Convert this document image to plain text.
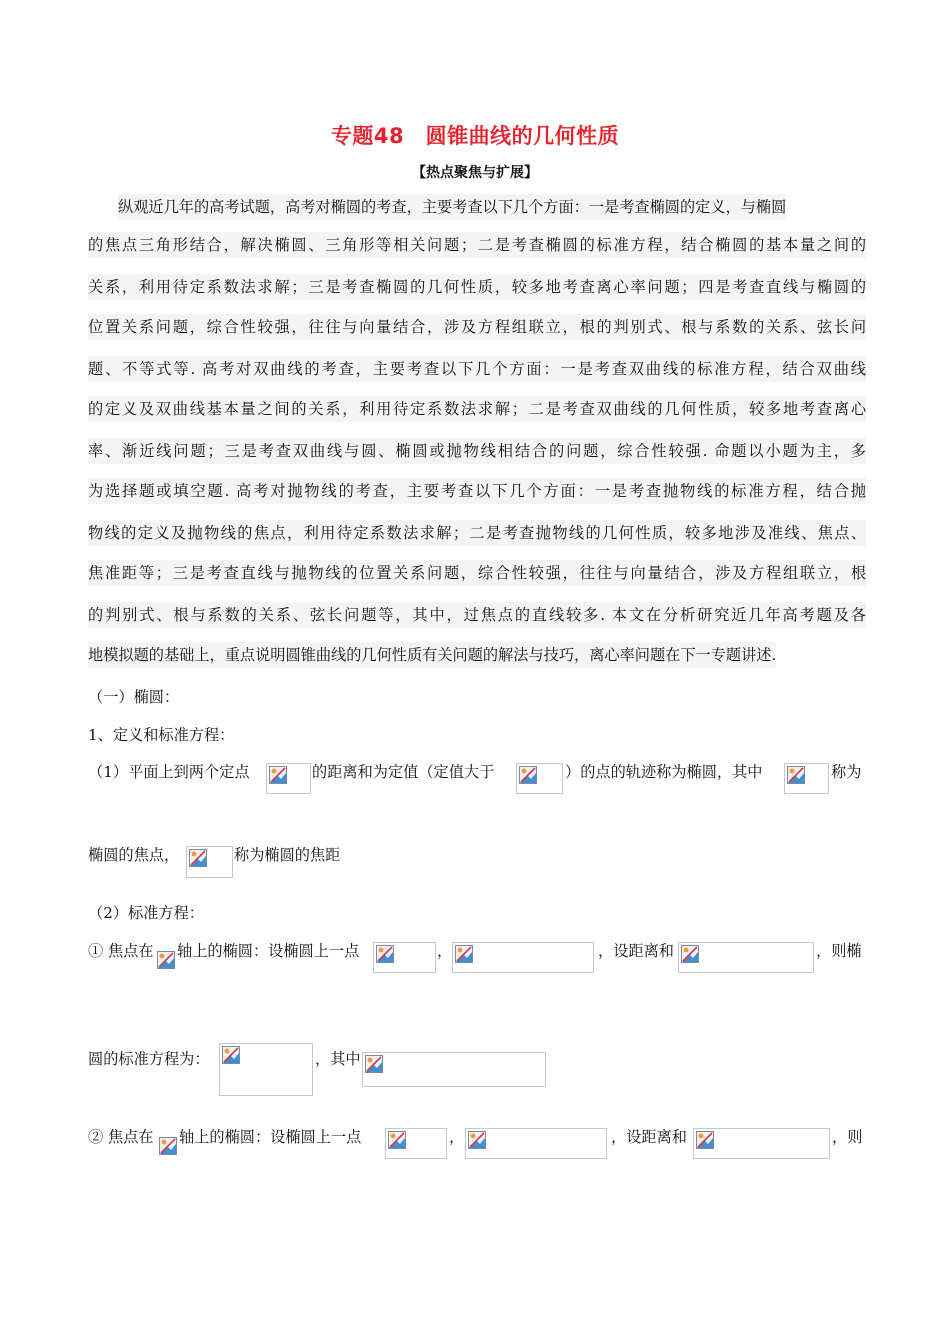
专题48　圆锥曲线的几何性质
【热点聚焦与扩展】
纵观近几年的高考试题，高考对椭圆的考查，主要考查以下几个方面：一是考查椭圆的定义，与椭圆
的焦点三角形结合，解决椭圆、三角形等相关问题；二是考查椭圆的标准方程，结合椭圆的基本量之间的
关系，利用待定系数法求解；三是考查椭圆的几何性质，较多地考查离心率问题；四是考查直线与椭圆的
位置关系问题，综合性较强，往往与向量结合，涉及方程组联立，根的判别式、根与系数的关系、弦长问
题、不等式等. 高考对双曲线的考查，主要考查以下几个方面：一是考查双曲线的标准方程，结合双曲线
的定义及双曲线基本量之间的关系，利用待定系数法求解；二是考查双曲线的几何性质，较多地考查离心
率、渐近线问题；三是考查双曲线与圆、椭圆或抛物线相结合的问题，综合性较强. 命题以小题为主，多
为选择题或填空题. 高考对抛物线的考查，主要考查以下几个方面：一是考查抛物线的标准方程，结合抛
物线的定义及抛物线的焦点，利用待定系数法求解；二是考查抛物线的几何性质，较多地涉及准线、焦点、
焦准距等；三是考查直线与抛物线的位置关系问题，综合性较强，往往与向量结合，涉及方程组联立，根
的判别式、根与系数的关系、弦长问题等，其中，过焦点的直线较多. 本文在分析研究近几年高考题及各
地模拟题的基础上，重点说明圆锥曲线的几何性质有关问题的解法与技巧，离心率问题在下一专题讲述.
（一）椭圆：
1、定义和标准方程：
（1）平面上到两个定点	的距离和为定值（定值大于	）的点的轨迹称为椭圆，其中	称为
椭圆的焦点，	称为椭圆的焦距
（2）标准方程：
① 焦点在 轴上的椭圆：设椭圆上一点	，	，设距离和	，则椭
圆的标准方程为：	，其中
② 焦点在 轴上的椭圆：设椭圆上一点	，	，设距离和	，则
